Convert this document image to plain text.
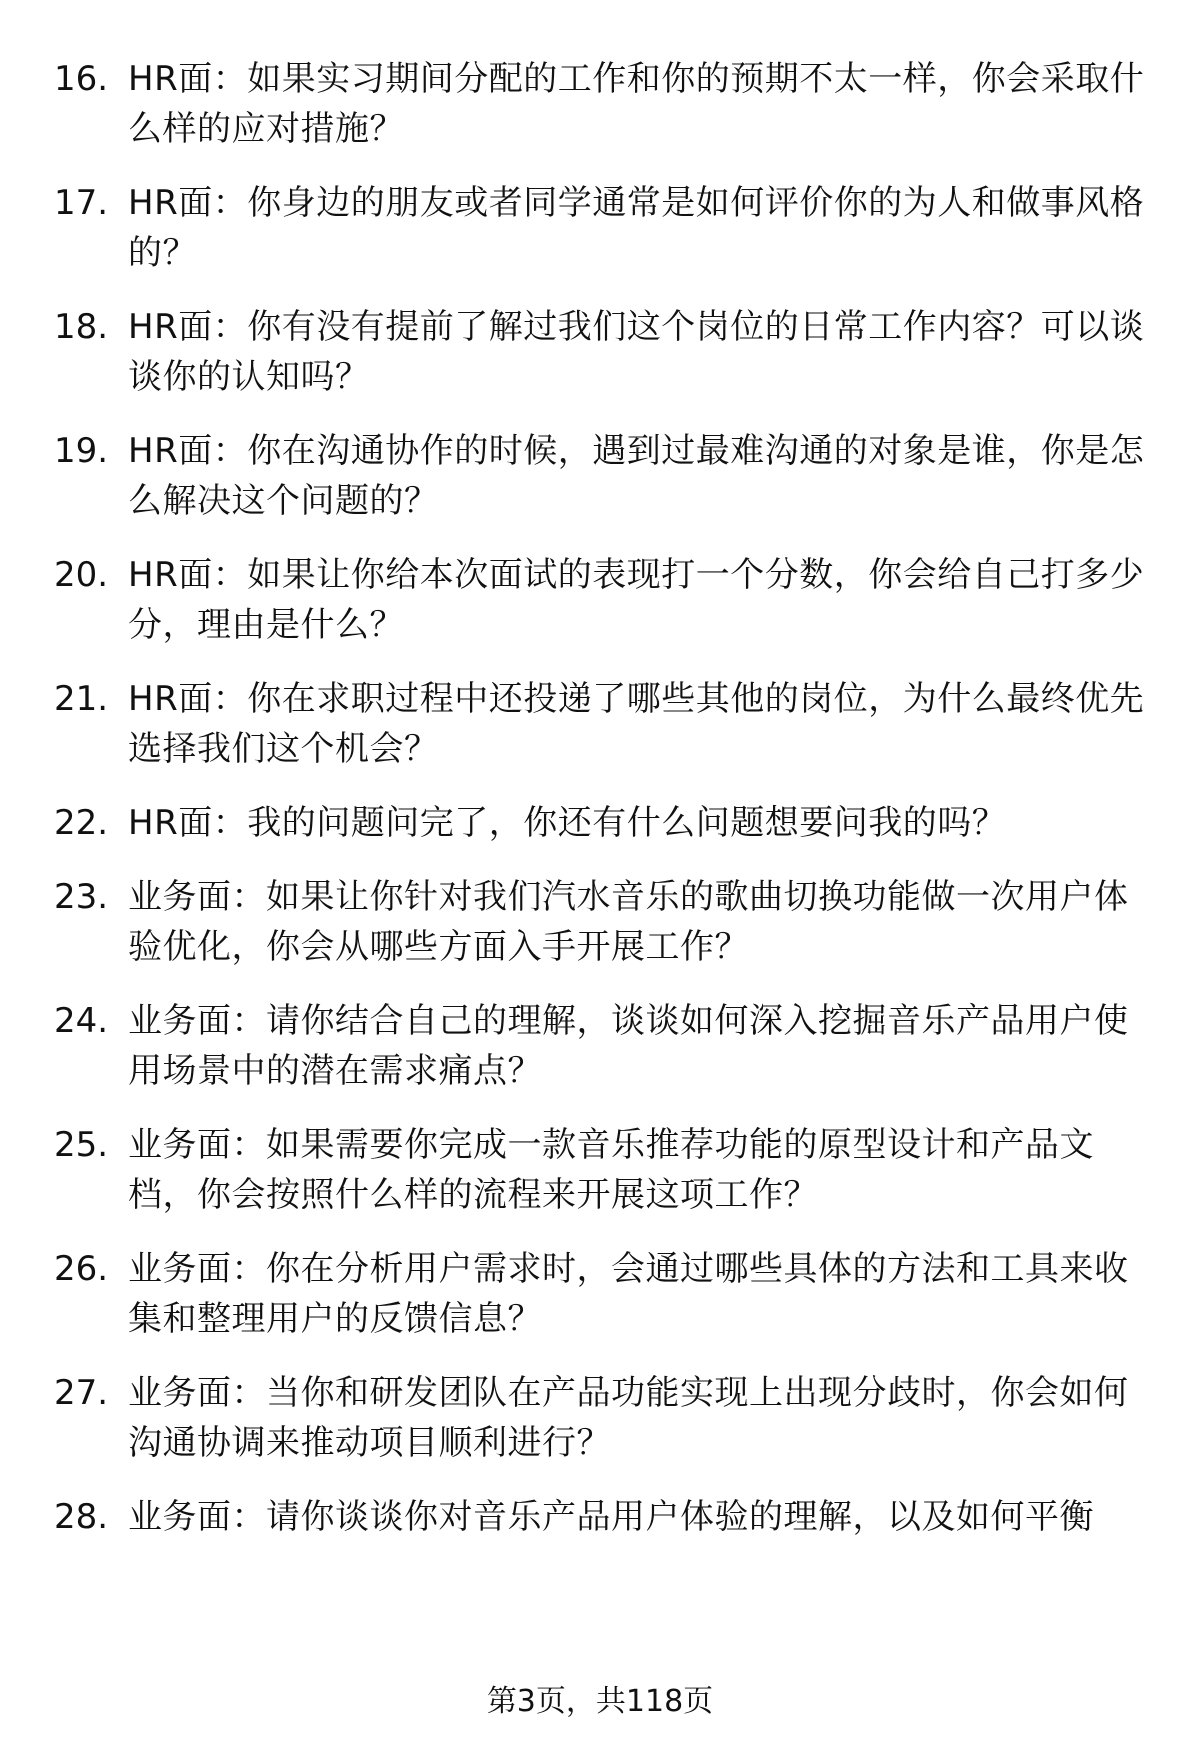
16. HR面：如果实习期间分配的工作和你的预期不太一样，你会采取什么样的应对措施？
17. HR面：你身边的朋友或者同学通常是如何评价你的为人和做事风格的？
18. HR面：你有没有提前了解过我们这个岗位的日常工作内容？可以谈谈你的认知吗？
19. HR面：你在沟通协作的时候，遇到过最难沟通的对象是谁，你是怎么解决这个问题的？
20. HR面：如果让你给本次面试的表现打一个分数，你会给自己打多少分，理由是什么？
21. HR面：你在求职过程中还投递了哪些其他的岗位，为什么最终优先选择我们这个机会？
22. HR面：我的问题问完了，你还有什么问题想要问我的吗？
23. 业务面：如果让你针对我们汽水音乐的歌曲切换功能做一次用户体验优化，你会从哪些方面入手开展工作？
24. 业务面：请你结合自己的理解，谈谈如何深入挖掘音乐产品用户使用场景中的潜在需求痛点？
25. 业务面：如果需要你完成一款音乐推荐功能的原型设计和产品文档，你会按照什么样的流程来开展这项工作？
26. 业务面：你在分析用户需求时，会通过哪些具体的方法和工具来收集和整理用户的反馈信息？
27. 业务面：当你和研发团队在产品功能实现上出现分歧时，你会如何沟通协调来推动项目顺利进行？
28. 业务面：请你谈谈你对音乐产品用户体验的理解，以及如何平衡
第3页，共118页
